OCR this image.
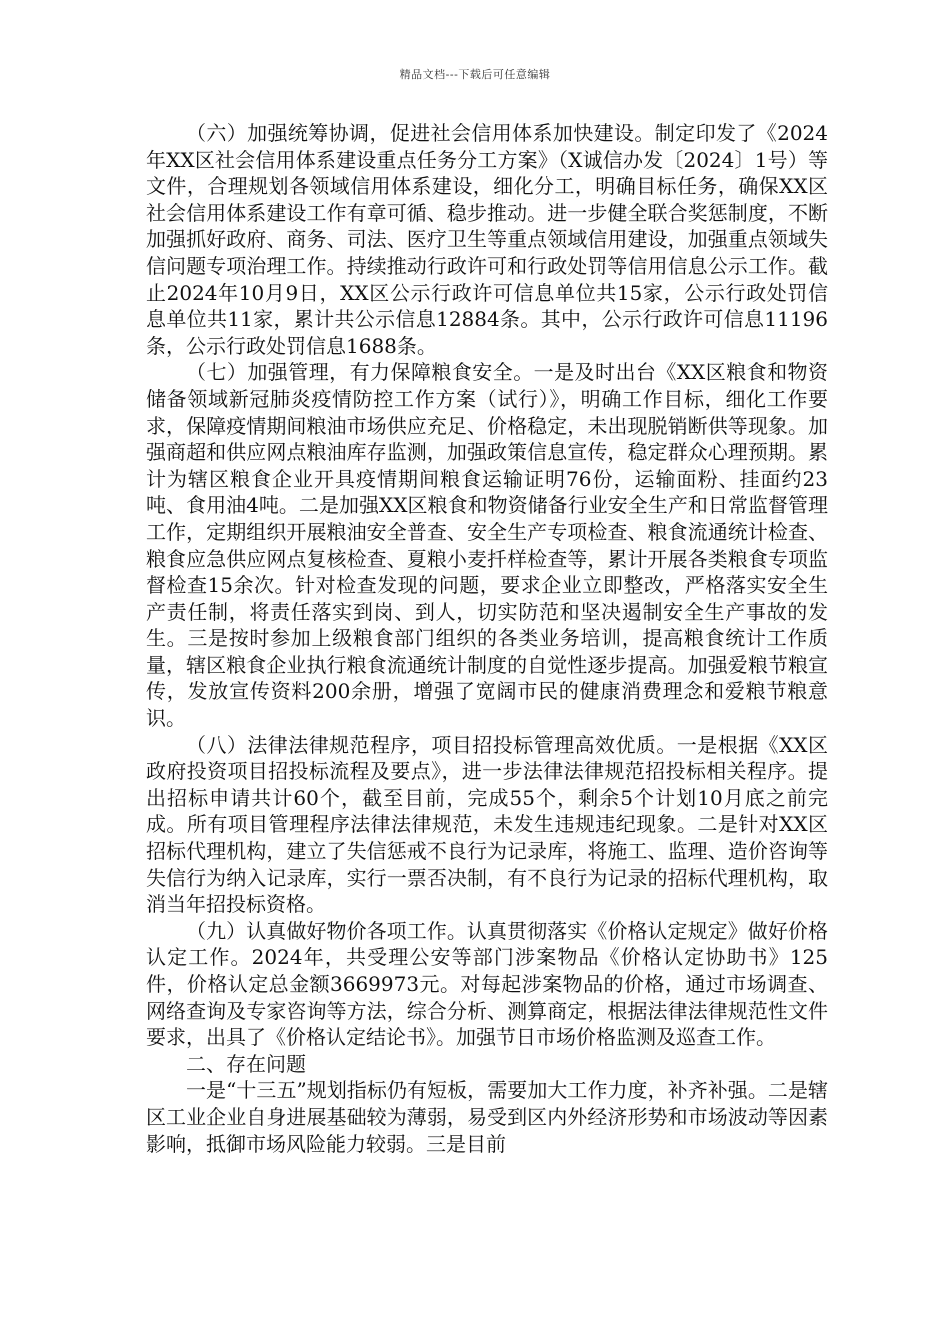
精品文档---下载后可任意编辑

（六）加强统筹协调，促进社会信用体系加快建设。制定印发了《2024年XX区社会信用体系建设重点任务分工方案》（X诚信办发〔2024〕1号）等文件，合理规划各领域信用体系建设，细化分工，明确目标任务，确保XX区社会信用体系建设工作有章可循、稳步推动。进一步健全联合奖惩制度，不断加强抓好政府、商务、司法、医疗卫生等重点领域信用建设，加强重点领域失信问题专项治理工作。持续推动行政许可和行政处罚等信用信息公示工作。截止2024年10月9日，XX区公示行政许可信息单位共15家，公示行政处罚信息单位共11家，累计共公示信息12884条。其中，公示行政许可信息11196条，公示行政处罚信息1688条。

（七）加强管理，有力保障粮食安全。一是及时出台《XX区粮食和物资储备领域新冠肺炎疫情防控工作方案（试行）》，明确工作目标，细化工作要求，保障疫情期间粮油市场供应充足、价格稳定，未出现脱销断供等现象。加强商超和供应网点粮油库存监测，加强政策信息宣传，稳定群众心理预期。累计为辖区粮食企业开具疫情期间粮食运输证明76份，运输面粉、挂面约23吨、食用油4吨。二是加强XX区粮食和物资储备行业安全生产和日常监督管理工作，定期组织开展粮油安全普查、安全生产专项检查、粮食流通统计检查、粮食应急供应网点复核检查、夏粮小麦扦样检查等，累计开展各类粮食专项监督检查15余次。针对检查发现的问题，要求企业立即整改，严格落实安全生产责任制，将责任落实到岗、到人，切实防范和坚决遏制安全生产事故的发生。三是按时参加上级粮食部门组织的各类业务培训，提高粮食统计工作质量，辖区粮食企业执行粮食流通统计制度的自觉性逐步提高。加强爱粮节粮宣传，发放宣传资料200余册，增强了宽阔市民的健康消费理念和爱粮节粮意识。

（八）法律法律规范程序，项目招投标管理高效优质。一是根据《XX区政府投资项目招投标流程及要点》，进一步法律法律规范招投标相关程序。提出招标申请共计60个，截至目前，完成55个，剩余5个计划10月底之前完成。所有项目管理程序法律法律规范，未发生违规违纪现象。二是针对XX区招标代理机构，建立了失信惩戒不良行为记录库，将施工、监理、造价咨询等失信行为纳入记录库，实行一票否决制，有不良行为记录的招标代理机构，取消当年招投标资格。

（九）认真做好物价各项工作。认真贯彻落实《价格认定规定》做好价格认定工作。2024年，共受理公安等部门涉案物品《价格认定协助书》125件，价格认定总金额3669973元。对每起涉案物品的价格，通过市场调查、网络查询及专家咨询等方法，综合分析、测算商定，根据法律法律规范性文件要求，出具了《价格认定结论书》。加强节日市场价格监测及巡查工作。

二、存在问题

一是“十三五”规划指标仍有短板，需要加大工作力度，补齐补强。二是辖区工业企业自身进展基础较为薄弱，易受到区内外经济形势和市场波动等因素影响，抵御市场风险能力较弱。三是目前
